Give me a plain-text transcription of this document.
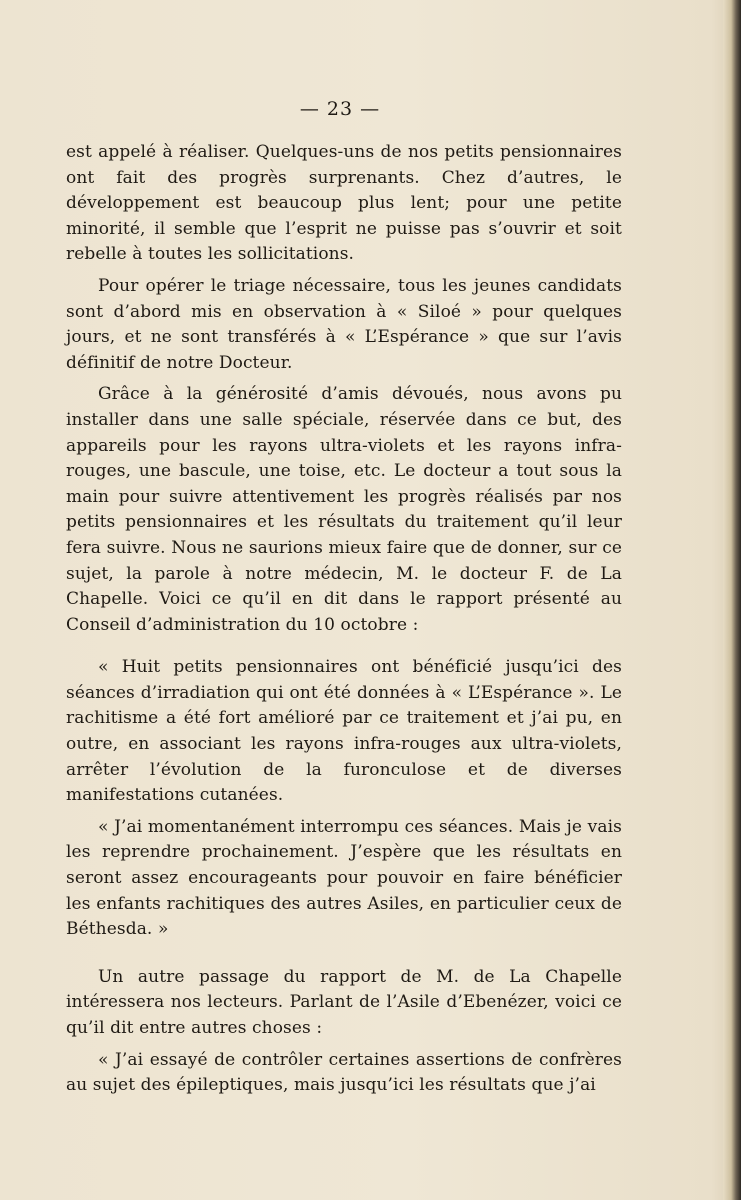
— 23 —

est appelé à réaliser. Quelques-uns de nos petits pensionnaires ont fait des progrès surprenants. Chez d’autres, le développement est beaucoup plus lent; pour une petite minorité, il semble que l’esprit ne puisse pas s’ouvrir et soit rebelle à toutes les sollicitations.

Pour opérer le triage nécessaire, tous les jeunes candidats sont d’abord mis en observation à « Siloé » pour quelques jours, et ne sont transférés à « L’Espérance » que sur l’avis définitif de notre Docteur.

Grâce à la générosité d’amis dévoués, nous avons pu installer dans une salle spéciale, réservée dans ce but, des appareils pour les rayons ultra-violets et les rayons infra-rouges, une bascule, une toise, etc. Le docteur a tout sous la main pour suivre attentivement les progrès réalisés par nos petits pensionnaires et les résultats du traitement qu’il leur fera suivre. Nous ne saurions mieux faire que de donner, sur ce sujet, la parole à notre médecin, M. le docteur F. de La Chapelle. Voici ce qu’il en dit dans le rapport présenté au Conseil d’administration du 10 octobre :

« Huit petits pensionnaires ont bénéficié jusqu’ici des séances d’irradiation qui ont été données à « L’Espérance ». Le rachitisme a été fort amélioré par ce traitement et j’ai pu, en outre, en associant les rayons infra-rouges aux ultra-violets, arrêter l’évolution de la furonculose et de diverses manifestations cutanées.

« J’ai momentanément interrompu ces séances. Mais je vais les reprendre prochainement. J’espère que les résultats en seront assez encourageants pour pouvoir en faire bénéficier les enfants rachitiques des autres Asiles, en particulier ceux de Béthesda. »

Un autre passage du rapport de M. de La Chapelle intéressera nos lecteurs. Parlant de l’Asile d’Ebenézer, voici ce qu’il dit entre autres choses :

« J’ai essayé de contrôler certaines assertions de confrères au sujet des épileptiques, mais jusqu’ici les résultats que j’ai
